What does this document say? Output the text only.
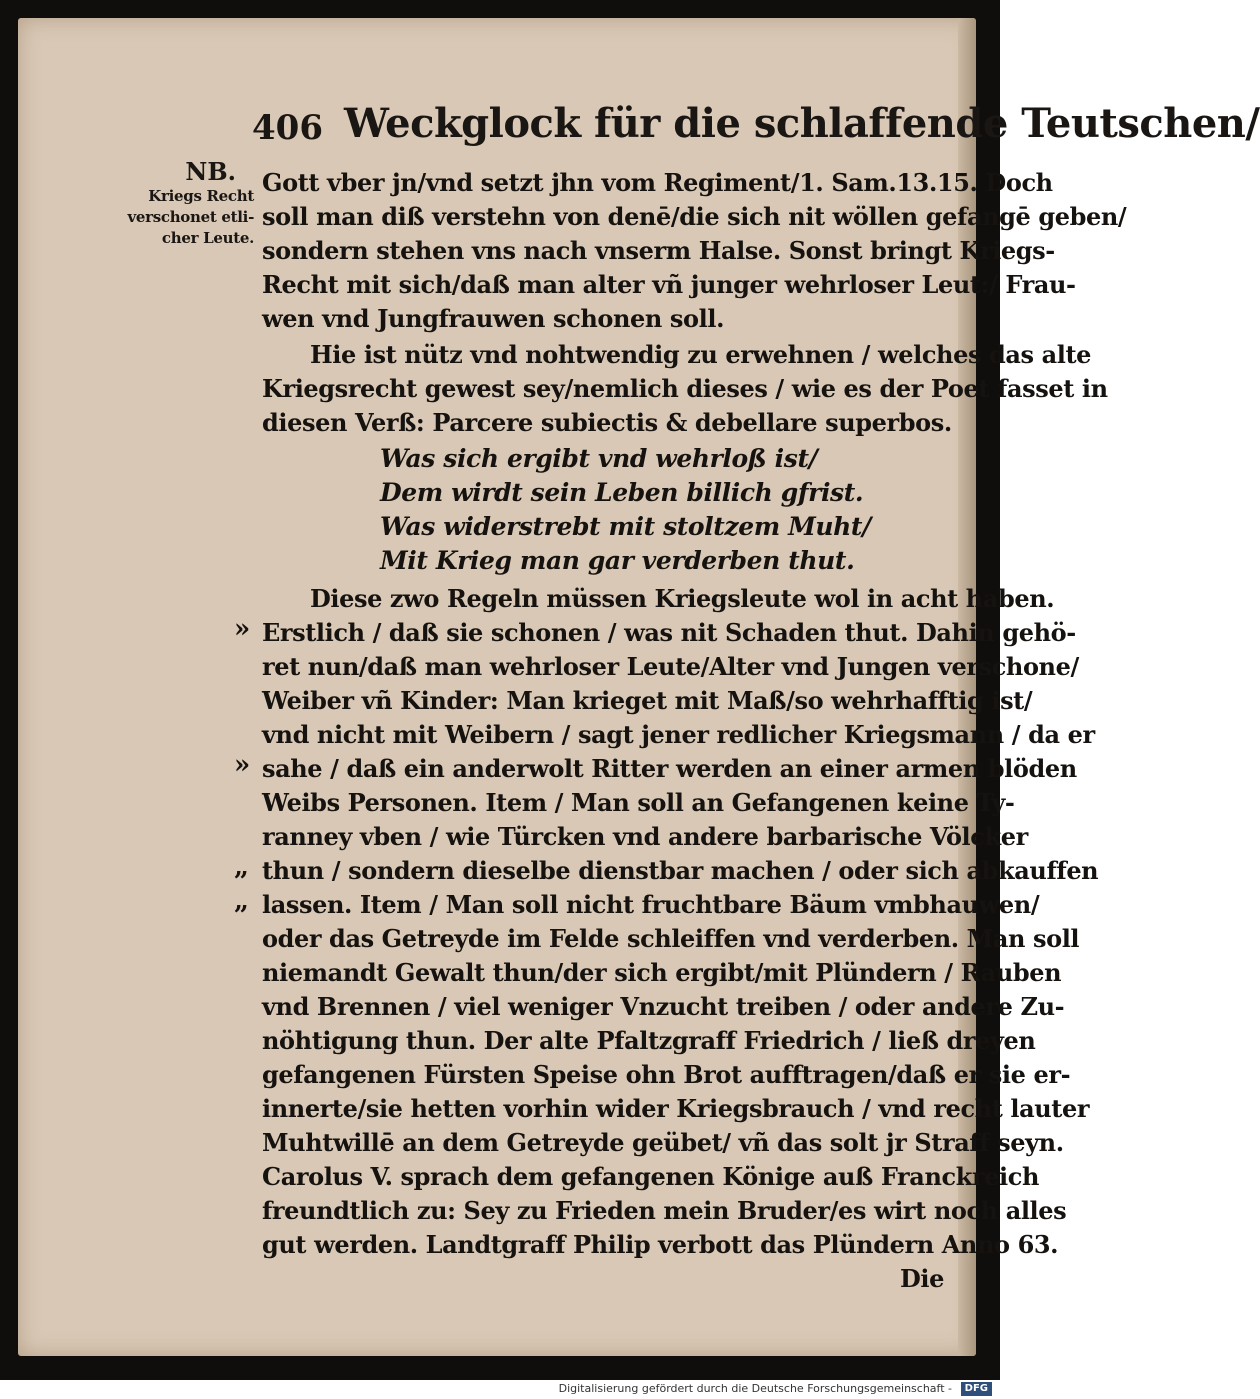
406 Weckglock für die schlaffende Teutschen/
NB.
Kriegs Recht
verschonet etli-
cher Leute.
Gott vber jn/vnd setzt jhn vom Regiment/1. Sam.13.15. Doch
soll man diß verstehn von denē/die sich nit wöllen gefangē geben/
sondern stehen vns nach vnserm Halse. Sonst bringt Kriegs-
Recht mit sich/daß man alter vñ junger wehrloser Leut:/ Frau-
wen vnd Jungfrauwen schonen soll.
Hie ist nütz vnd nohtwendig zu erwehnen / welches das alte
Kriegsrecht gewest sey/nemlich dieses / wie es der Poet fasset in
diesen Verß: Parcere subiectis & debellare superbos.
Was sich ergibt vnd wehrloß ist/
Dem wirdt sein Leben billich gfrist.
Was widerstrebt mit stoltzem Muht/
Mit Krieg man gar verderben thut.
Diese zwo Regeln müssen Kriegsleute wol in acht haben.
Erstlich / daß sie schonen / was nit Schaden thut. Dahin gehö-
ret nun/daß man wehrloser Leute/Alter vnd Jungen verschone/
Weiber vñ Kinder: Man krieget mit Maß/so wehrhafftig ist/
vnd nicht mit Weibern / sagt jener redlicher Kriegsmann / da er
sahe / daß ein anderwolt Ritter werden an einer armen blöden
Weibs Personen. Item / Man soll an Gefangenen keine Ty-
ranney vben / wie Türcken vnd andere barbarische Völcker
thun / sondern dieselbe dienstbar machen / oder sich abkauffen
lassen. Item / Man soll nicht fruchtbare Bäum vmbhauwen/
oder das Getreyde im Felde schleiffen vnd verderben. Man soll
niemandt Gewalt thun/der sich ergibt/mit Plündern / Rauben
vnd Brennen / viel weniger Vnzucht treiben / oder andere Zu-
nöhtigung thun. Der alte Pfaltzgraff Friedrich / ließ dreyen
gefangenen Fürsten Speise ohn Brot aufftragen/daß er sie er-
innerte/sie hetten vorhin wider Kriegsbrauch / vnd recht lauter
Muhtwillē an dem Getreyde geübet/ vñ das solt jr Straff seyn.
Carolus V. sprach dem gefangenen Könige auß Franckreich
freundtlich zu: Sey zu Frieden mein Bruder/es wirt noch alles
gut werden. Landtgraff Philip verbott das Plündern Anno 63.
Die
»
»
„
„
Digitalisierung gefördert durch die Deutsche Forschungsgemeinschaft -	DFG
